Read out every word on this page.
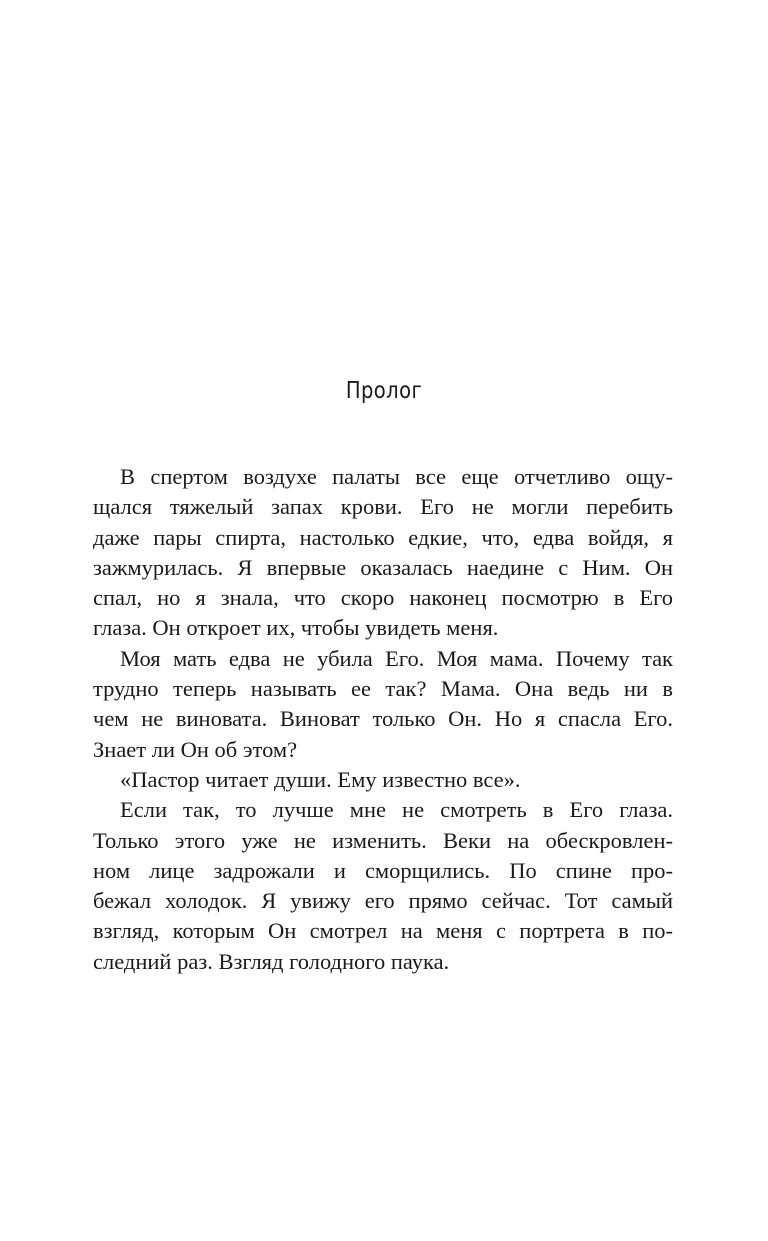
Пролог
В спертом воздухе палаты все еще отчетливо ощу-
щался тяжелый запах крови. Его не могли перебить
даже пары спирта, настолько едкие, что, едва войдя, я
зажмурилась. Я впервые оказалась наедине с Ним. Он
спал, но я знала, что скоро наконец посмотрю в Его
глаза. Он откроет их, чтобы увидеть меня.
Моя мать едва не убила Его. Моя мама. Почему так
трудно теперь называть ее так? Мама. Она ведь ни в
чем не виновата. Виноват только Он. Но я спасла Его.
Знает ли Он об этом?
«Пастор читает души. Ему известно все».
Если так, то лучше мне не смотреть в Его глаза.
Только этого уже не изменить. Веки на обескровлен-
ном лице задрожали и сморщились. По спине про-
бежал холодок. Я увижу его прямо сейчас. Тот самый
взгляд, которым Он смотрел на меня с портрета в по-
следний раз. Взгляд голодного паука.
